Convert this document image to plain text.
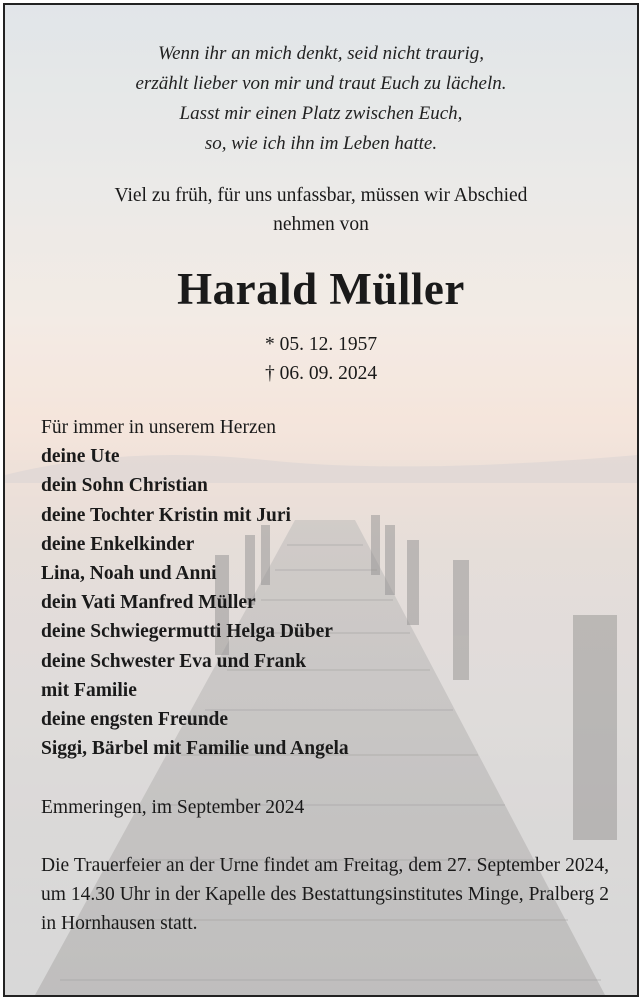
Wenn ihr an mich denkt, seid nicht traurig,
erzählt lieber von mir und traut Euch zu lächeln.
Lasst mir einen Platz zwischen Euch,
so, wie ich ihn im Leben hatte.
Viel zu früh, für uns unfassbar, müssen wir Abschied
nehmen von
Harald Müller
* 05. 12. 1957
† 06. 09. 2024
Für immer in unserem Herzen
deine Ute
dein Sohn Christian
deine Tochter Kristin mit Juri
deine Enkelkinder
Lina, Noah und Anni
dein Vati Manfred Müller
deine Schwiegermutti Helga Düber
deine Schwester Eva und Frank
mit Familie
deine engsten Freunde
Siggi, Bärbel mit Familie und Angela
Emmeringen, im September 2024
Die Trauerfeier an der Urne findet am Freitag, dem 27. September 2024, um 14.30 Uhr in der Kapelle des Bestattungsinstitutes Minge, Pralberg 2 in Hornhausen statt.
